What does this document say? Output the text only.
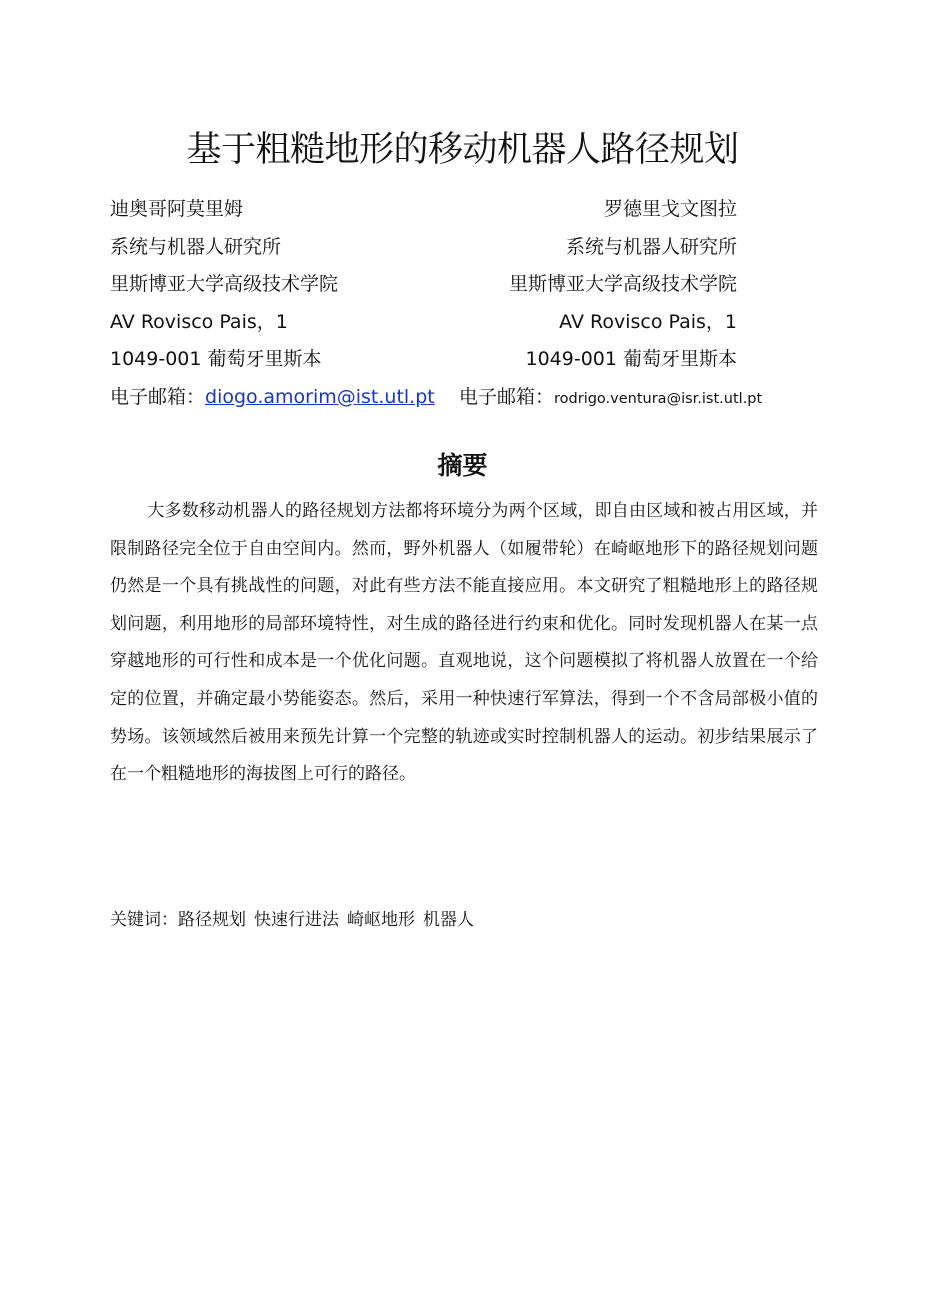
基于粗糙地形的移动机器人路径规划
迪奥哥阿莫里姆
系统与机器人研究所
里斯博亚大学高级技术学院
AV Rovisco Pais，1
1049-001 葡萄牙里斯本
电子邮箱：diogo.amorim@ist.utl.pt
罗德里戈文图拉
系统与机器人研究所
里斯博亚大学高级技术学院
AV Rovisco Pais，1
1049-001 葡萄牙里斯本
电子邮箱：rodrigo.ventura@isr.ist.utl.pt
摘要
大多数移动机器人的路径规划方法都将环境分为两个区域，即自由区域和被占用区域，并限制路径完全位于自由空间内。然而，野外机器人（如履带轮）在崎岖地形下的路径规划问题仍然是一个具有挑战性的问题，对此有些方法不能直接应用。本文研究了粗糙地形上的路径规划问题，利用地形的局部环境特性，对生成的路径进行约束和优化。同时发现机器人在某一点穿越地形的可行性和成本是一个优化问题。直观地说，这个问题模拟了将机器人放置在一个给定的位置，并确定最小势能姿态。然后，采用一种快速行军算法，得到一个不含局部极小值的势场。该领域然后被用来预先计算一个完整的轨迹或实时控制机器人的运动。初步结果展示了在一个粗糙地形的海拔图上可行的路径。
关键词：路径规划 快速行进法 崎岖地形 机器人
